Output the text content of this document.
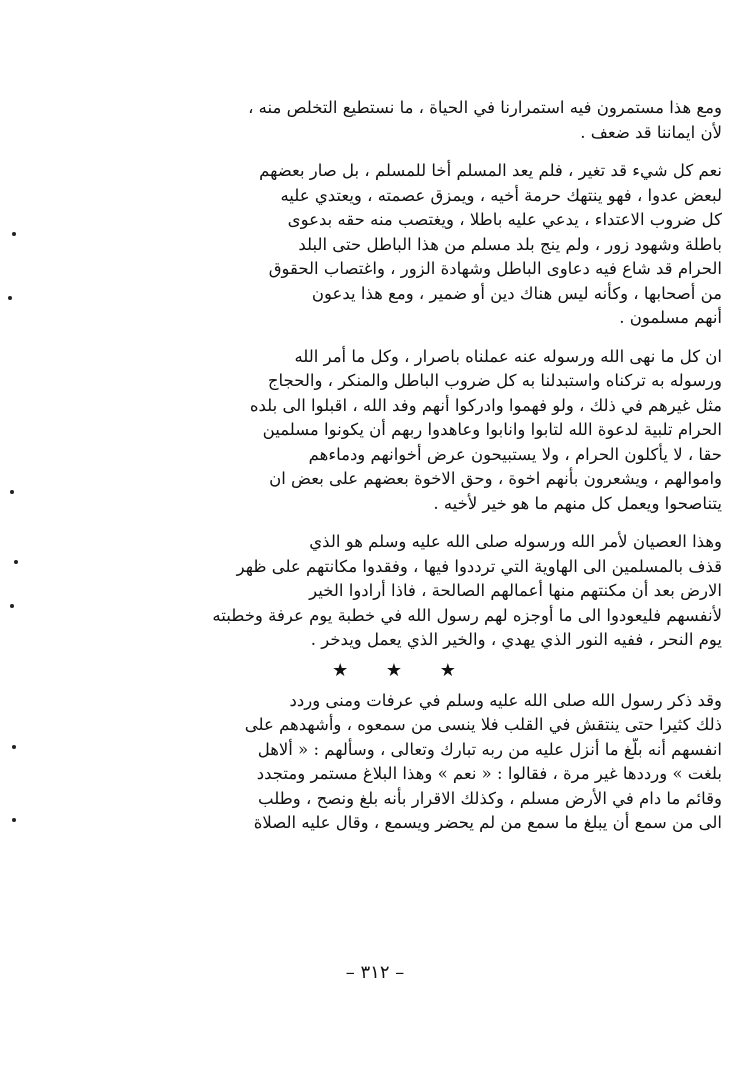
ومع هذا مستمرون فيه استمرارنا في الحياة ، ما نستطيع التخلص منه ،
لأن ايماننا قد ضعف .
نعم كل شيء قد تغير ، فلم يعد المسلم أخا للمسلم ، بل صار بعضهم
لبعض عدوا ، فهو ينتهك حرمة أخيه ، ويمزق عصمته ، ويعتدي عليه
كل ضروب الاعتداء ، يدعي عليه باطلا ، ويغتصب منه حقه بدعوى
باطلة وشهود زور ، ولم ينج بلد مسلم من هذا الباطل حتى البلد
الحرام قد شاع فيه دعاوى الباطل وشهادة الزور ، واغتصاب الحقوق
من أصحابها ، وكأنه ليس هناك دين أو ضمير ، ومع هذا يدعون
أنهم مسلمون .
ان كل ما نهى الله ورسوله عنه عملناه باصرار ، وكل ما أمر الله
ورسوله به تركناه واستبدلنا به كل ضروب الباطل والمنكر ، والحجاج
مثل غيرهم في ذلك ، ولو فهموا وادركوا أنهم وفد الله ، اقبلوا الى بلده
الحرام تلبية لدعوة الله لتابوا وانابوا وعاهدوا ربهم أن يكونوا مسلمين
حقا ، لا يأكلون الحرام ، ولا يستبيحون عرض أخوانهم ودماءهم
واموالهم ، ويشعرون بأنهم اخوة ، وحق الاخوة بعضهم على بعض ان
يتناصحوا ويعمل كل منهم ما هو خير لأخيه .
وهذا العصيان لأمر الله ورسوله صلى الله عليه وسلم هو الذي
قذف بالمسلمين الى الهاوية التي ترددوا فيها ، وفقدوا مكانتهم على ظهر
الارض بعد أن مكنتهم منها أعمالهم الصالحة ، فاذا أرادوا الخير
لأنفسهم فليعودوا الى ما أوجزه لهم رسول الله في خطبة يوم عرفة وخطبته
يوم النحر ، ففيه النور الذي يهدي ، والخير الذي يعمل ويدخر .
★ ★ ★
وقد ذكر رسول الله صلى الله عليه وسلم في عرفات ومنى وردد
ذلك كثيرا حتى ينتقش في القلب فلا ينسى من سمعوه ، وأشهدهم على
انفسهم أنه بلّغ ما أنزل عليه من ربه تبارك وتعالى ، وسألهم : « ألاهل
بلغت » ورددها غير مرة ، فقالوا : « نعم » وهذا البلاغ مستمر ومتجدد
وقائم ما دام في الأرض مسلم ، وكذلك الاقرار بأنه بلغ ونصح ، وطلب
الى من سمع أن يبلغ ما سمع من لم يحضر ويسمع ، وقال عليه الصلاة
– ٣١٢ –
